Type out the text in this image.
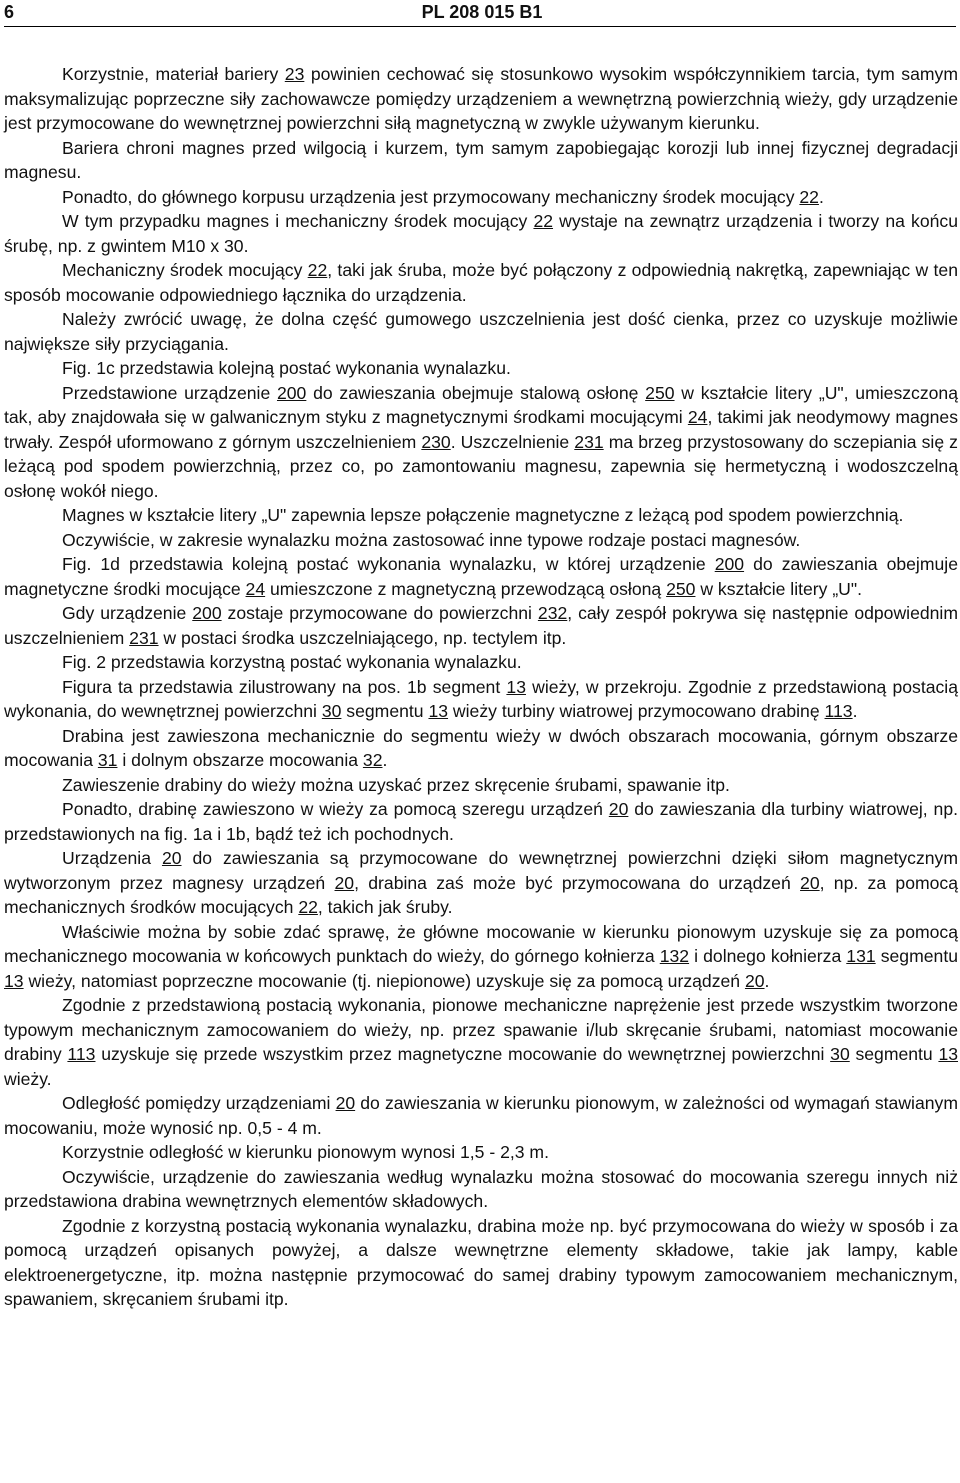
6	PL 208 015 B1

Korzystnie, materiał bariery 23 powinien cechować się stosunkowo wysokim współczynnikiem tarcia, tym samym maksymalizując poprzeczne siły zachowawcze pomiędzy urządzeniem a wewnętrzną powierzchnią wieży, gdy urządzenie jest przymocowane do wewnętrznej powierzchni siłą magnetyczną w zwykle używanym kierunku.

Bariera chroni magnes przed wilgocią i kurzem, tym samym zapobiegając korozji lub innej fizycznej degradacji magnesu.

Ponadto, do głównego korpusu urządzenia jest przymocowany mechaniczny środek mocujący 22.

W tym przypadku magnes i mechaniczny środek mocujący 22 wystaje na zewnątrz urządzenia i tworzy na końcu śrubę, np. z gwintem M10 x 30.

Mechaniczny środek mocujący 22, taki jak śruba, może być połączony z odpowiednią nakrętką, zapewniając w ten sposób mocowanie odpowiedniego łącznika do urządzenia.

Należy zwrócić uwagę, że dolna część gumowego uszczelnienia jest dość cienka, przez co uzyskuje możliwie największe siły przyciągania.

Fig. 1c przedstawia kolejną postać wykonania wynalazku.

Przedstawione urządzenie 200 do zawieszania obejmuje stalową osłonę 250 w kształcie litery „U", umieszczoną tak, aby znajdowała się w galwanicznym styku z magnetycznymi środkami mocującymi 24, takimi jak neodymowy magnes trwały. Zespół uformowano z górnym uszczelnieniem 230. Uszczelnienie 231 ma brzeg przystosowany do sczepiania się z leżącą pod spodem powierzchnią, przez co, po zamontowaniu magnesu, zapewnia się hermetyczną i wodoszczelną osłonę wokół niego.

Magnes w kształcie litery „U" zapewnia lepsze połączenie magnetyczne z leżącą pod spodem powierzchnią.

Oczywiście, w zakresie wynalazku można zastosować inne typowe rodzaje postaci magnesów.

Fig. 1d przedstawia kolejną postać wykonania wynalazku, w której urządzenie 200 do zawieszania obejmuje magnetyczne środki mocujące 24 umieszczone z magnetyczną przewodzącą osłoną 250 w kształcie litery „U".

Gdy urządzenie 200 zostaje przymocowane do powierzchni 232, cały zespół pokrywa się następnie odpowiednim uszczelnieniem 231 w postaci środka uszczelniającego, np. tectylem itp.

Fig. 2 przedstawia korzystną postać wykonania wynalazku.

Figura ta przedstawia zilustrowany na pos. 1b segment 13 wieży, w przekroju. Zgodnie z przedstawioną postacią wykonania, do wewnętrznej powierzchni 30 segmentu 13 wieży turbiny wiatrowej przymocowano drabinę 113.

Drabina jest zawieszona mechanicznie do segmentu wieży w dwóch obszarach mocowania, górnym obszarze mocowania 31 i dolnym obszarze mocowania 32.

Zawieszenie drabiny do wieży można uzyskać przez skręcenie śrubami, spawanie itp.

Ponadto, drabinę zawieszono w wieży za pomocą szeregu urządzeń 20 do zawieszania dla turbiny wiatrowej, np. przedstawionych na fig. 1a i 1b, bądź też ich pochodnych.

Urządzenia 20 do zawieszania są przymocowane do wewnętrznej powierzchni dzięki siłom magnetycznym wytworzonym przez magnesy urządzeń 20, drabina zaś może być przymocowana do urządzeń 20, np. za pomocą mechanicznych środków mocujących 22, takich jak śruby.

Właściwie można by sobie zdać sprawę, że główne mocowanie w kierunku pionowym uzyskuje się za pomocą mechanicznego mocowania w końcowych punktach do wieży, do górnego kołnierza 132 i dolnego kołnierza 131 segmentu 13 wieży, natomiast poprzeczne mocowanie (tj. niepionowe) uzyskuje się za pomocą urządzeń 20.

Zgodnie z przedstawioną postacią wykonania, pionowe mechaniczne naprężenie jest przede wszystkim tworzone typowym mechanicznym zamocowaniem do wieży, np. przez spawanie i/lub skręcanie śrubami, natomiast mocowanie drabiny 113 uzyskuje się przede wszystkim przez magnetyczne mocowanie do wewnętrznej powierzchni 30 segmentu 13 wieży.

Odległość pomiędzy urządzeniami 20 do zawieszania w kierunku pionowym, w zależności od wymagań stawianym mocowaniu, może wynosić np. 0,5 - 4 m.

Korzystnie odległość w kierunku pionowym wynosi 1,5 - 2,3 m.

Oczywiście, urządzenie do zawieszania według wynalazku można stosować do mocowania szeregu innych niż przedstawiona drabina wewnętrznych elementów składowych.

Zgodnie z korzystną postacią wykonania wynalazku, drabina może np. być przymocowana do wieży w sposób i za pomocą urządzeń opisanych powyżej, a dalsze wewnętrzne elementy składowe, takie jak lampy, kable elektroenergetyczne, itp. można następnie przymocować do samej drabiny typowym zamocowaniem mechanicznym, spawaniem, skręcaniem śrubami itp.
